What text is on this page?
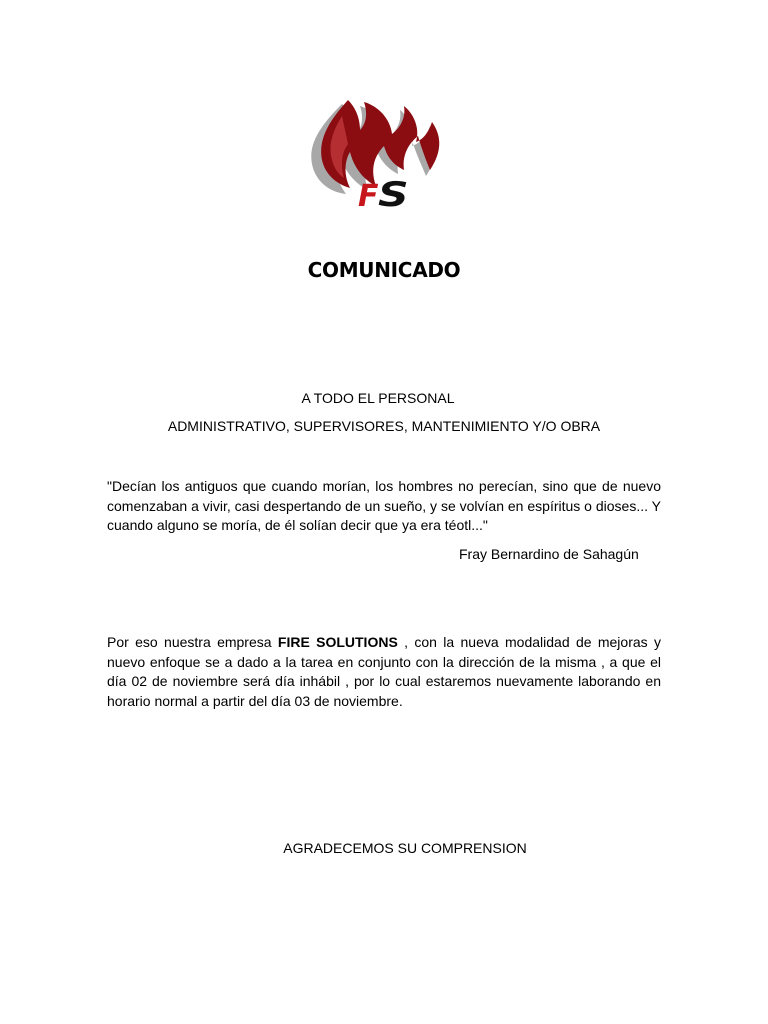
F S
COMUNICADO
A TODO EL PERSONAL
ADMINISTRATIVO, SUPERVISORES, MANTENIMIENTO Y/O OBRA
"Decían los antiguos que cuando morían, los hombres no perecían, sino que de nuevo comenzaban a vivir, casi despertando de un sueño, y se volvían en espíritus o dioses... Y cuando alguno se moría, de él solían decir que ya era téotl..."
Fray Bernardino de Sahagún
Por eso nuestra empresa FIRE SOLUTIONS , con la nueva modalidad de mejoras y nuevo enfoque se a dado a la tarea en conjunto con la dirección de la misma , a que el día 02 de noviembre será día inhábil , por lo cual estaremos nuevamente laborando en horario normal a partir del día 03 de noviembre.
AGRADECEMOS SU COMPRENSION
